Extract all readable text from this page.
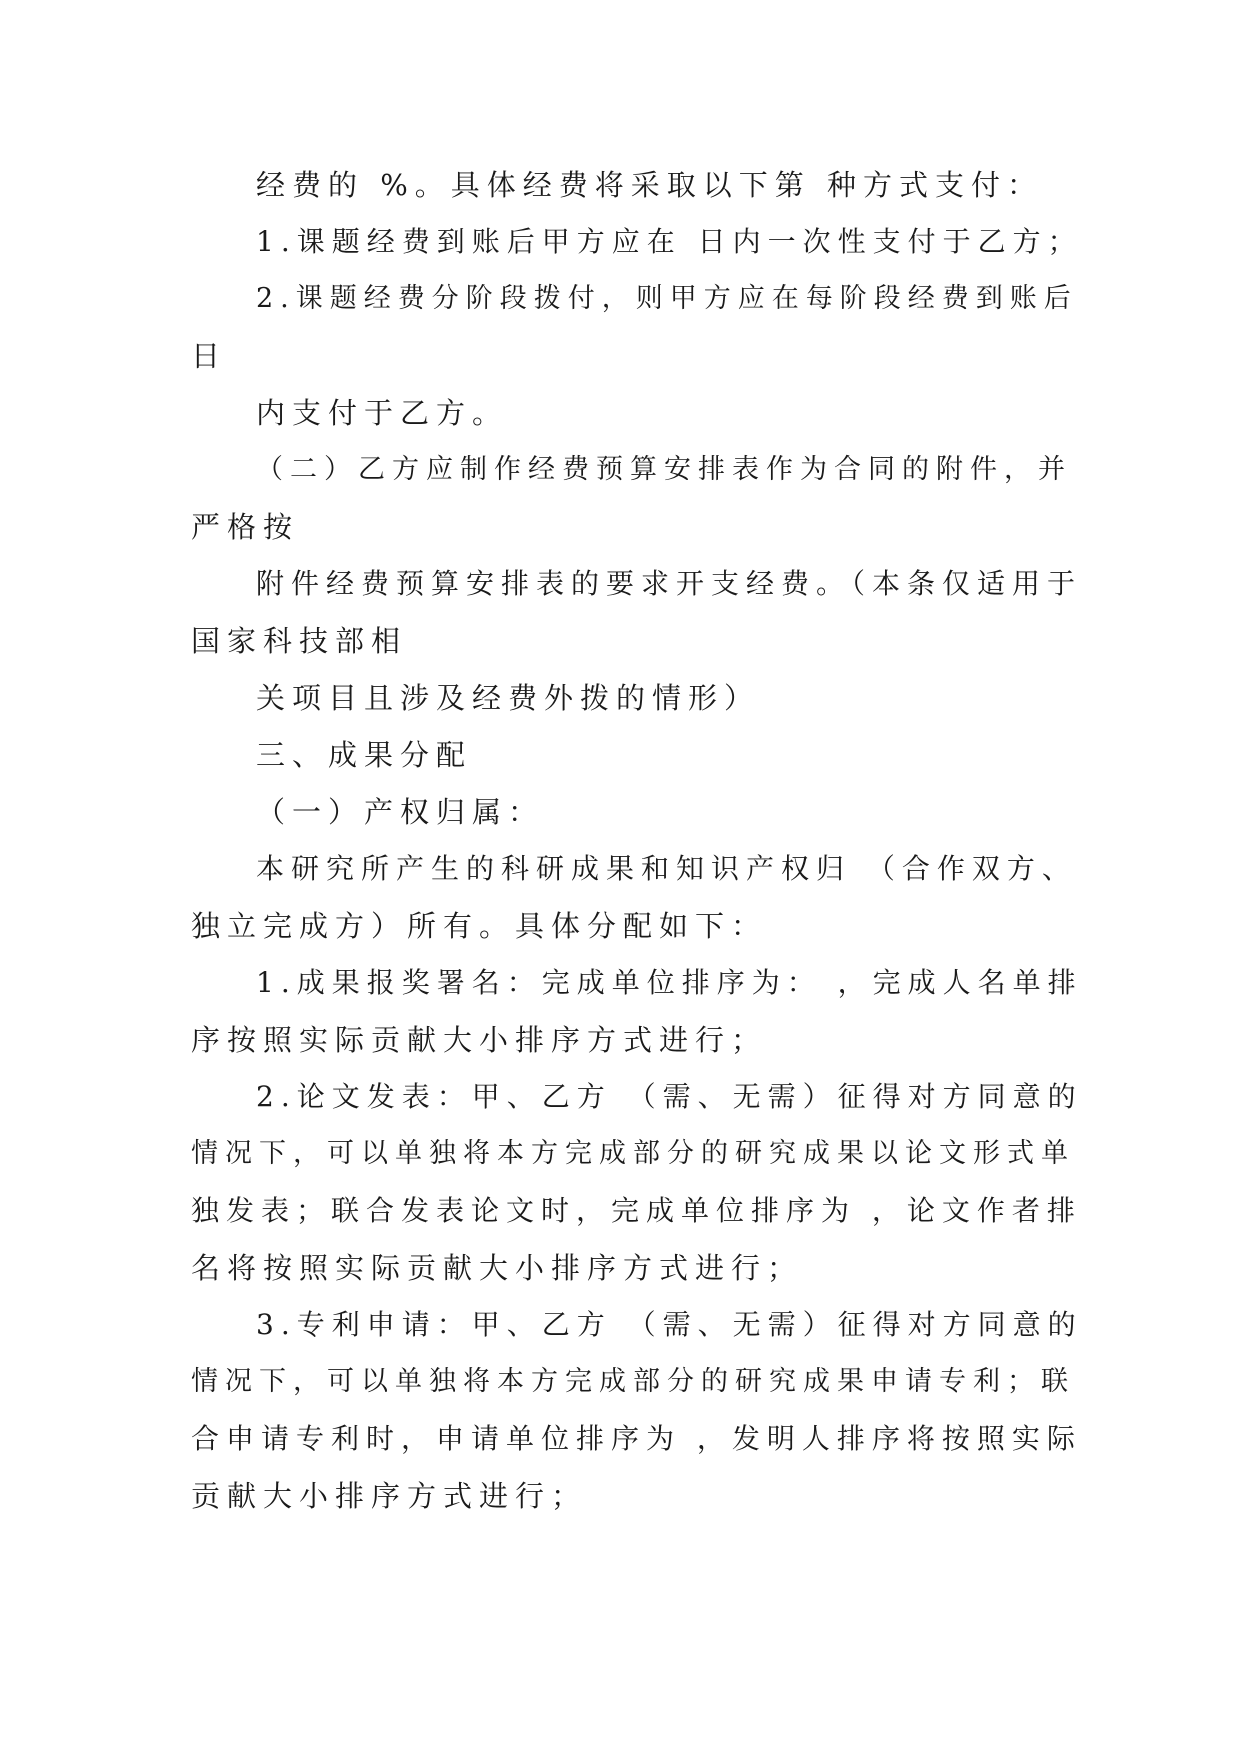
经费的 %。具体经费将采取以下第 种方式支付：

1.课题经费到账后甲方应在 日内一次性支付于乙方；

2.课题经费分阶段拨付，则甲方应在每阶段经费到账后

日

内支付于乙方。

（二）乙方应制作经费预算安排表作为合同的附件，并

严格按

附件经费预算安排表的要求开支经费。（本条仅适用于

国家科技部相

关项目且涉及经费外拨的情形）

三、成果分配

（一）产权归属：

本研究所产生的科研成果和知识产权归 （合作双方、

独立完成方）所有。具体分配如下：

1.成果报奖署名：完成单位排序为： ，完成人名单排

序按照实际贡献大小排序方式进行；

2.论文发表：甲、乙方 （需、无需）征得对方同意的

情况下，可以单独将本方完成部分的研究成果以论文形式单

独发表；联合发表论文时，完成单位排序为 ，论文作者排

名将按照实际贡献大小排序方式进行；

3.专利申请：甲、乙方 （需、无需）征得对方同意的

情况下，可以单独将本方完成部分的研究成果申请专利；联

合申请专利时，申请单位排序为 ，发明人排序将按照实际

贡献大小排序方式进行；
